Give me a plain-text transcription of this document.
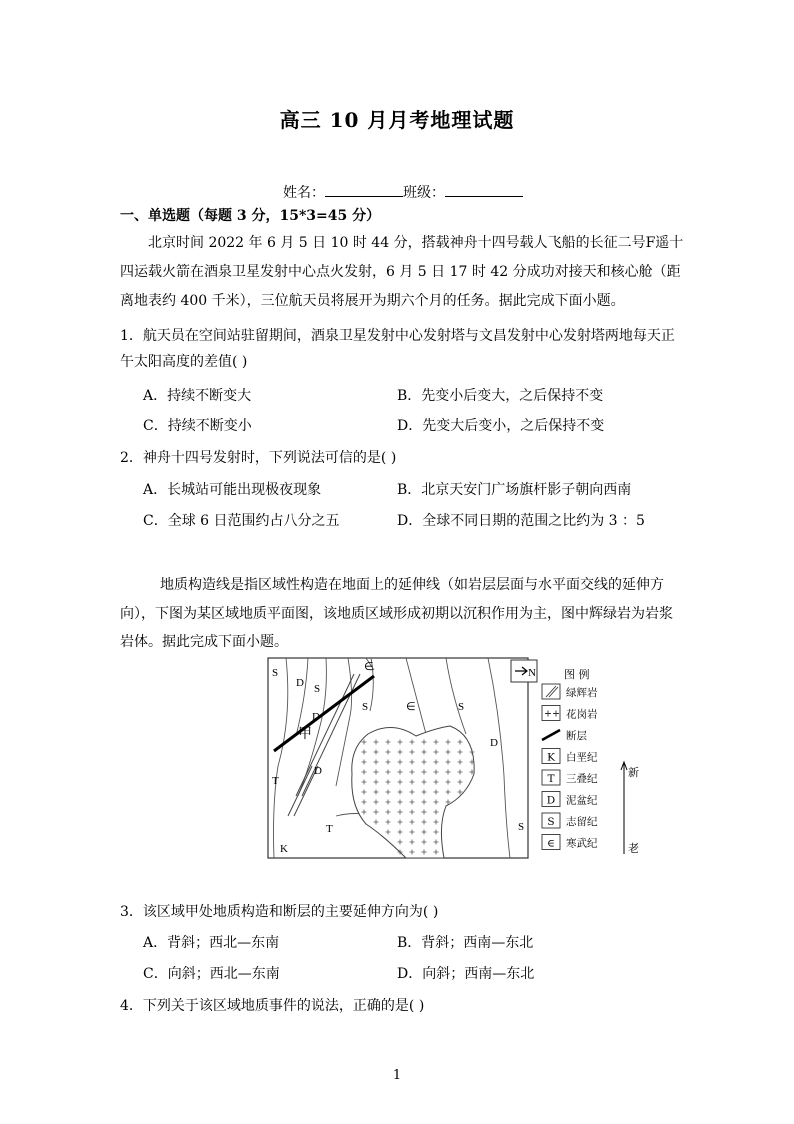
高三 10 月月考地理试题
姓名：	班级：
一、单选题（每题 3 分，15*3=45 分）
北京时间 2022 年 6 月 5 日 10 时 44 分，搭载神舟十四号载人飞船的长征二号F遥十
四运载火箭在酒泉卫星发射中心点火发射，6 月 5 日 17 时 42 分成功对接天和核心舱（距
离地表约 400 千米），三位航天员将展开为期六个月的任务。据此完成下面小题。
1．航天员在空间站驻留期间，酒泉卫星发射中心发射塔与文昌发射中心发射塔两地每天正
午太阳高度的差值( )
A．持续不断变大	B．先变小后变大，之后保持不变
C．持续不断变小	D．先变大后变小，之后保持不变
2．神舟十四号发射时，下列说法可信的是( )
A．长城站可能出现极夜现象	B．北京天安门广场旗杆影子朝向西南
C．全球 6 日范围约占八分之五	D．全球不同日期的范围之比约为 3 ：5
地质构造线是指区域性构造在地面上的延伸线（如岩层层面与水平面交线的延伸方
向），下图为某区域地质平面图，该地质区域形成初期以沉积作用为主，图中辉绿岩为岩浆
岩体。据此完成下面小题。
S
D S
∈
D
S	∈	S
D
甲
T
D
T
K
S
N	图 例
绿辉岩
花岗岩
断层
K 白垩纪
T 三叠纪
D 泥盆纪
S 志留纪
∈ 寒武纪
新
老
3．该区域甲处地质构造和断层的主要延伸方向为( )
A．背斜；西北—东南	B．背斜；西南—东北
C．向斜；西北—东南	D．向斜；西南—东北
4．下列关于该区域地质事件的说法，正确的是( )
1
